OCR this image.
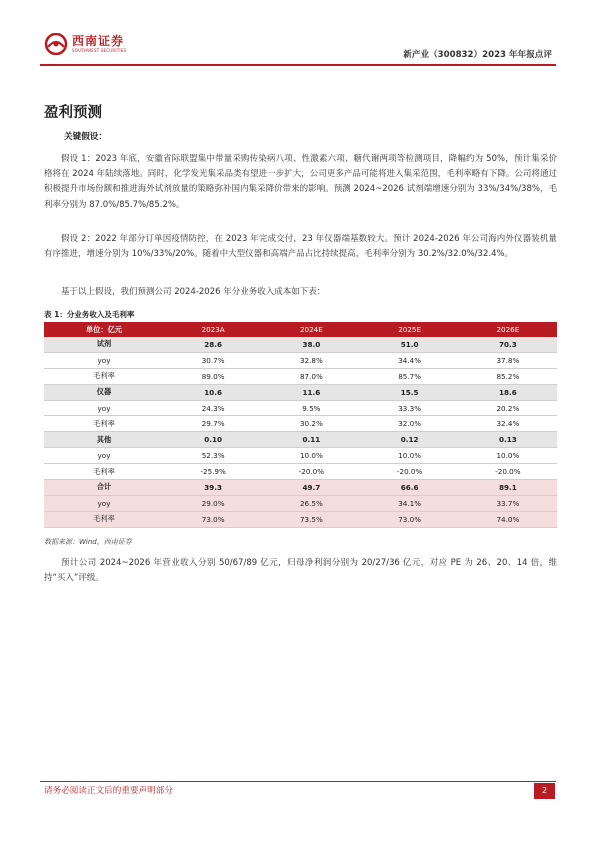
西南证券
SOUTHWEST SECURITIES	新产业（300832）2023 年年报点评
盈利预测
关键假设：

假设 1：2023 年底，安徽省际联盟集中带量采购传染病八项、性激素六项、糖代谢两项等检测项目，降幅约为 50%，预计集采价格将在 2024 年陆续落地。同时，化学发光集采品类有望进一步扩大，公司更多产品可能将进入集采范围，毛利率略有下降。公司将通过积极提升市场份额和推进海外试剂放量的策略弥补国内集采降价带来的影响。预测 2024~2026 试剂端增速分别为 33%/34%/38%，毛利率分别为 87.0%/85.7%/85.2%。

假设 2：2022 年部分订单因疫情防控，在 2023 年完成交付，23 年仪器端基数较大。预计 2024-2026 年公司海内外仪器装机量有序推进，增速分别为 10%/33%/20%。随着中大型仪器和高端产品占比持续提高，毛利率分别为 30.2%/32.0%/32.4%。

基于以上假设，我们预测公司 2024-2026 年分业务收入成本如下表：

表 1：分业务收入及毛利率
单位：亿元	2023A	2024E	2025E	2026E
试剂	28.6	38.0	51.0	70.3
yoy	30.7%	32.8%	34.4%	37.8%
毛利率	89.0%	87.0%	85.7%	85.2%
仪器	10.6	11.6	15.5	18.6
yoy	24.3%	9.5%	33.3%	20.2%
毛利率	29.7%	30.2%	32.0%	32.4%
其他	0.10	0.11	0.12	0.13
yoy	52.3%	10.0%	10.0%	10.0%
毛利率	-25.9%	-20.0%	-20.0%	-20.0%
合计	39.3	49.7	66.6	89.1
yoy	29.0%	26.5%	34.1%	33.7%
毛利率	73.0%	73.5%	73.0%	74.0%
数据来源：Wind，西南证券

预计公司 2024~2026 年营业收入分别 50/67/89 亿元，归母净利润分别为 20/27/36 亿元，对应 PE 为 26、20、14 倍，维持“买入”评级。

请务必阅读正文后的重要声明部分	2
